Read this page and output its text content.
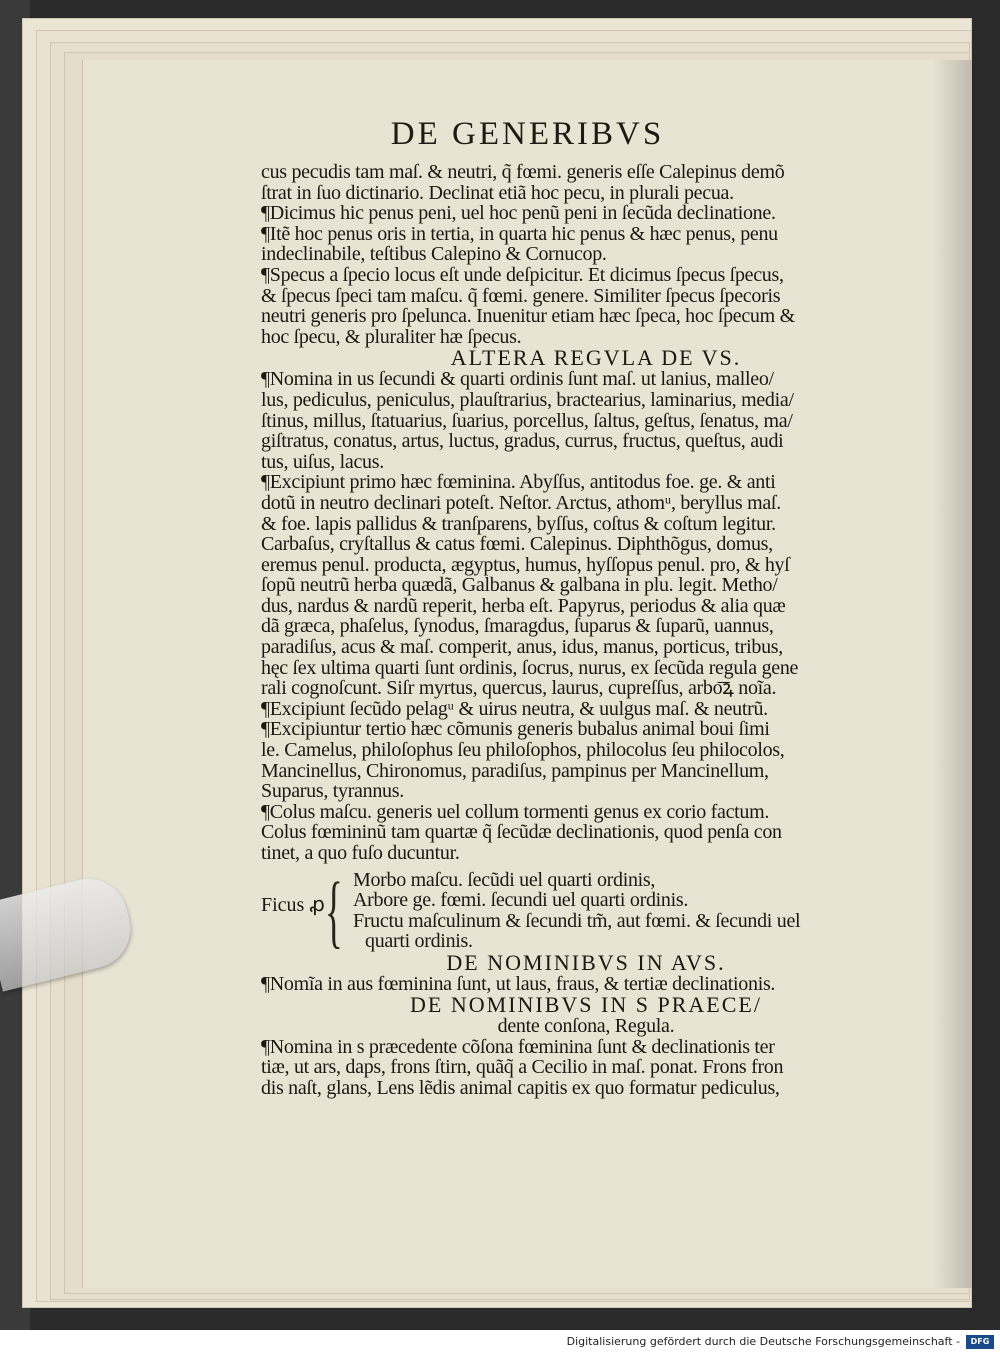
DE GENERIBVS
cus pecudis tam maſ. & neutri, q̃ fœmi. generis eſſe Calepinus demõ
ſtrat in ſuo dictinario. Declinat etiã hoc pecu, in plurali pecua.
¶Dicimus hic penus peni, uel hoc penũ peni in ſecũda declinatione.
¶Itẽ hoc penus oris in tertia, in quarta hic penus & hæc penus, penu
indeclinabile, teſtibus Calepino & Cornucop.
¶Specus a ſpecio locus eſt unde deſpicitur. Et dicimus ſpecus ſpecus,
& ſpecus ſpeci tam maſcu. q̃ fœmi. genere. Similiter ſpecus ſpecoris
neutri generis pro ſpelunca. Inuenitur etiam hæc ſpeca, hoc ſpecum &
hoc ſpecu, & pluraliter hæ ſpecus.
ALTERA REGVLA DE VS.
¶Nomina in us ſecundi & quarti ordinis ſunt maſ. ut lanius, malleo/
lus, pediculus, peniculus, plauſtrarius, bractearius, laminarius, media/
ſtinus, millus, ſtatuarius, ſuarius, porcellus, ſaltus, geſtus, ſenatus, ma/
giſtratus, conatus, artus, luctus, gradus, currus, fructus, queſtus, audi
tus, uiſus, lacus.
¶Excipiunt primo hæc fœminina. Abyſſus, antitodus foe. ge. & anti
dotũ in neutro declinari poteſt. Neſtor. Arctus, athomᵘ, beryllus maſ.
& foe. lapis pallidus & tranſparens, byſſus, coſtus & coſtum legitur.
Carbaſus, cryſtallus & catus fœmi. Calepinus. Diphthõgus, domus,
eremus penul. producta, ægyptus, humus, hyſſopus penul. pro, & hyſ
ſopũ neutrũ herba quædã, Galbanus & galbana in plu. legit. Metho/
dus, nardus & nardũ reperit, herba eſt. Papyrus, periodus & alia quæ
dã græca, phaſelus, ſynodus, ſmaragdus, ſuparus & ſuparũ, uannus,
paradiſus, acus & maſ. comperit, anus, idus, manus, porticus, tribus,
hęc ſex ultima quarti ſunt ordinis, ſocrus, nurus, ex ſecũda regula gene
rali cognoſcunt. Siſr myrtus, quercus, laurus, cupreſſus, arbo͞ꝝ noĩa.
¶Excipiunt ſecũdo pelagᵘ & uirus neutra, & uulgus maſ. & neutrũ.
¶Excipiuntur tertio hæc cõmunis generis bubalus animal boui ſimi
le. Camelus, philoſophus ſeu philoſophos, philocolus ſeu philocolos,
Mancinellus, Chironomus, paradiſus, pampinus per Mancinellum,
Suparus, tyrannus.
¶Colus maſcu. generis uel collum tormenti genus ex corio factum.
Colus fœmininũ tam quartæ q̃ ſecũdæ declinationis, quod penſa con
tinet, a quo fuſo ducuntur.
Ficus ꝓ { Morbo maſcu. ſecũdi uel quarti ordinis,
Arbore ge. fœmi. ſecundi uel quarti ordinis.
Fructu maſculinum & ſecundi tm̃, aut fœmi. & ſecundi uel
quarti ordinis.
DE NOMINIBVS IN AVS.
¶Nomĩa in aus fœminina ſunt, ut laus, fraus, & tertiæ declinationis.
DE NOMINIBVS IN S PRAECE/
dente conſona, Regula.
¶Nomina in s præcedente cõſona fœminina ſunt & declinationis ter
tiæ, ut ars, daps, frons ſtirn, quãq̃ a Cecilio in maſ. ponat. Frons fron
dis naſt, glans, Lens lẽdis animal capitis ex quo formatur pediculus,
Digitalisierung gefördert durch die Deutsche Forschungsgemeinschaft -	DFG
